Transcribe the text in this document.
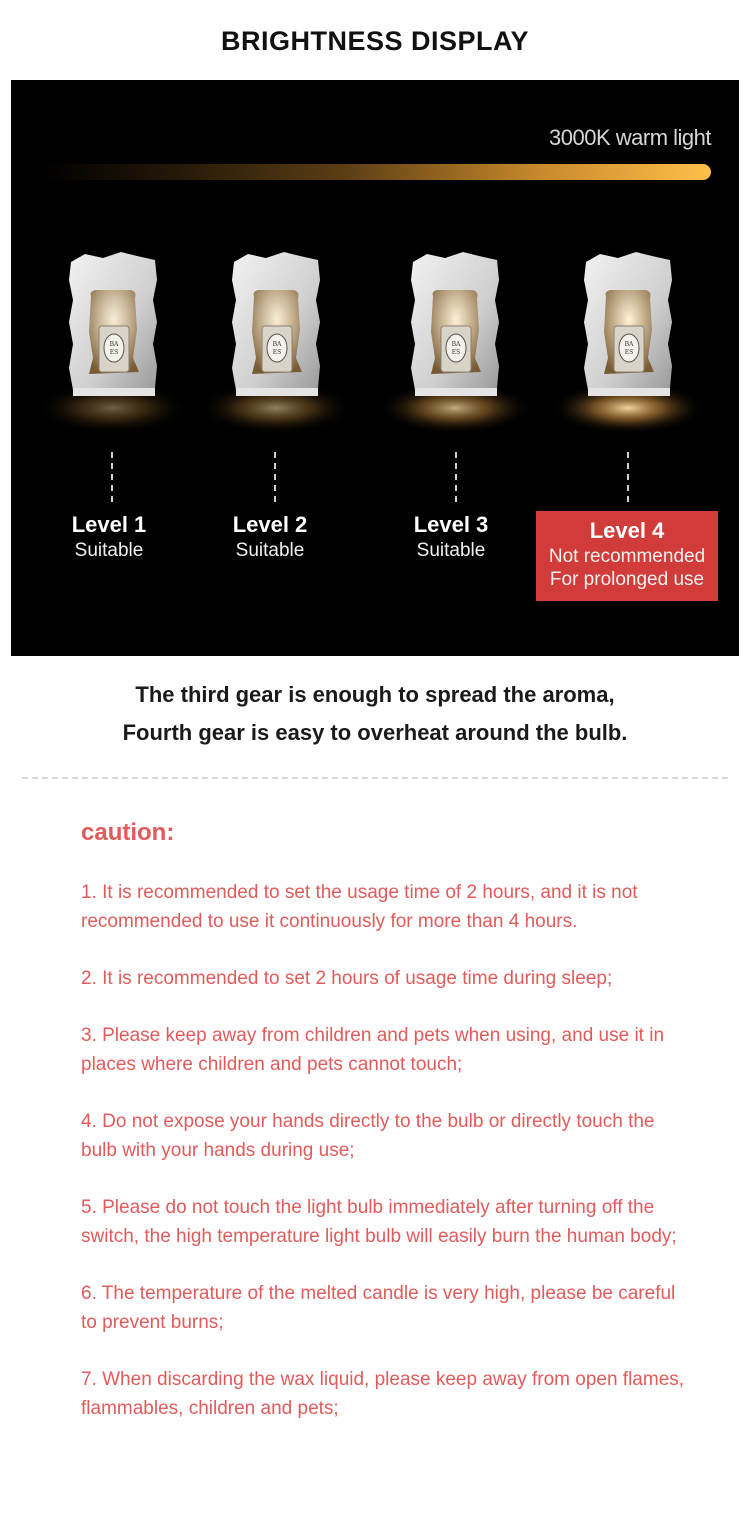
BRIGHTNESS DISPLAY
3000K warm light
BA
ES
BA
ES
BA
ES
BA
ES
Level 1
Suitable
Level 2
Suitable
Level 3
Suitable
Level 4
Not recommended
For prolonged use
The third gear is enough to spread the aroma,
Fourth gear is easy to overheat around the bulb.
caution:
1. It is recommended to set the usage time of 2 hours, and it is not recommended to use it continuously for more than 4 hours.
2. It is recommended to set 2 hours of usage time during sleep;
3. Please keep away from children and pets when using, and use it in places where children and pets cannot touch;
4. Do not expose your hands directly to the bulb or directly touch the bulb with your hands during use;
5. Please do not touch the light bulb immediately after turning off the switch, the high temperature light bulb will easily burn the human body;
6. The temperature of the melted candle is very high, please be careful to prevent burns;
7. When discarding the wax liquid, please keep away from open flames, flammables, children and pets;
